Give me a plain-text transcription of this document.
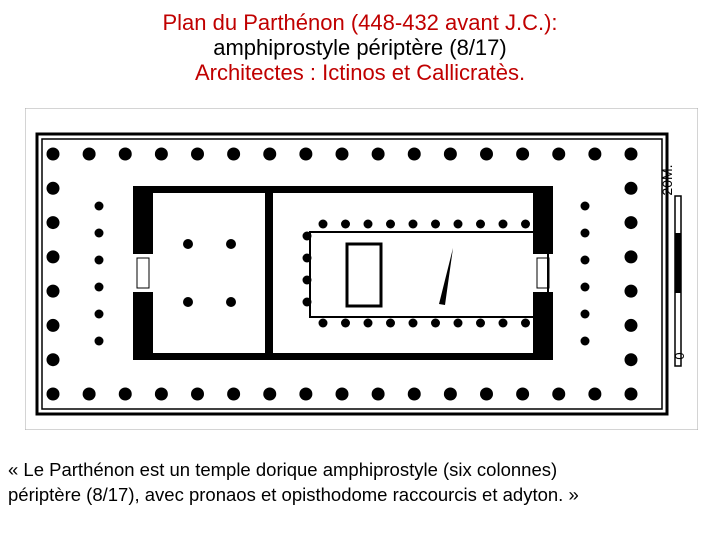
Plan du Parthénon (448-432 avant J.C.):
amphiprostyle périptère (8/17)
Architectes : Ictinos et Callicratès.
20M.
0
« Le Parthénon est un temple dorique amphiprostyle (six colonnes)
périptère (8/17), avec pronaos et opisthodome raccourcis et adyton. »
